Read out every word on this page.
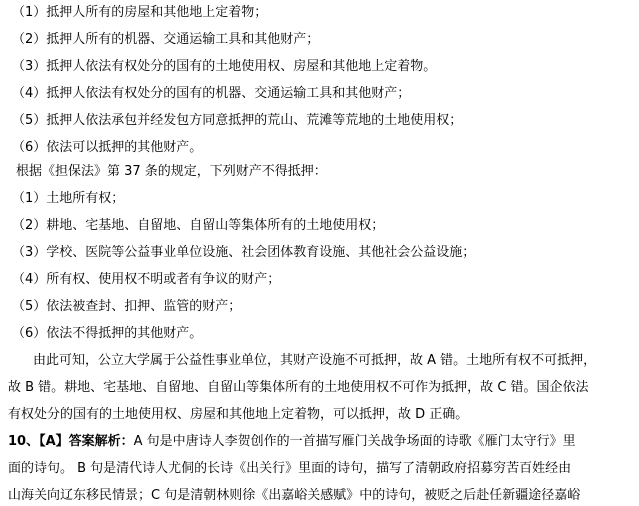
（1）抵押人所有的房屋和其他地上定着物；
（2）抵押人所有的机器、交通运输工具和其他财产；
（3）抵押人依法有权处分的国有的土地使用权、房屋和其他地上定着物。
（4）抵押人依法有权处分的国有的机器、交通运输工具和其他财产；
（5）抵押人依法承包并经发包方同意抵押的荒山、荒滩等荒地的土地使用权；
（6）依法可以抵押的其他财产。
根据《担保法》第 37 条的规定，下列财产不得抵押：
（1）土地所有权；
（2）耕地、宅基地、自留地、自留山等集体所有的土地使用权；
（3）学校、医院等公益事业单位设施、社会团体教育设施、其他社会公益设施；
（4）所有权、使用权不明或者有争议的财产；
（5）依法被查封、扣押、监管的财产；
（6）依法不得抵押的其他财产。
由此可知，公立大学属于公益性事业单位，其财产设施不可抵押，故 A 错。土地所有权不可抵押，
故 B 错。耕地、宅基地、自留地、自留山等集体所有的土地使用权不可作为抵押，故 C 错。国企依法
有权处分的国有的土地使用权、房屋和其他地上定着物，可以抵押，故 D 正确。
10、【A】答案解析：A 句是中唐诗人李贺创作的一首描写雁门关战争场面的诗歌《雁门太守行》里
面的诗句。 B 句是清代诗人尤侗的长诗《出关行》里面的诗句，描写了清朝政府招募穷苦百姓经由
山海关向辽东移民情景；C 句是清朝林则徐《出嘉峪关感赋》中的诗句，被贬之后赴任新疆途径嘉峪
